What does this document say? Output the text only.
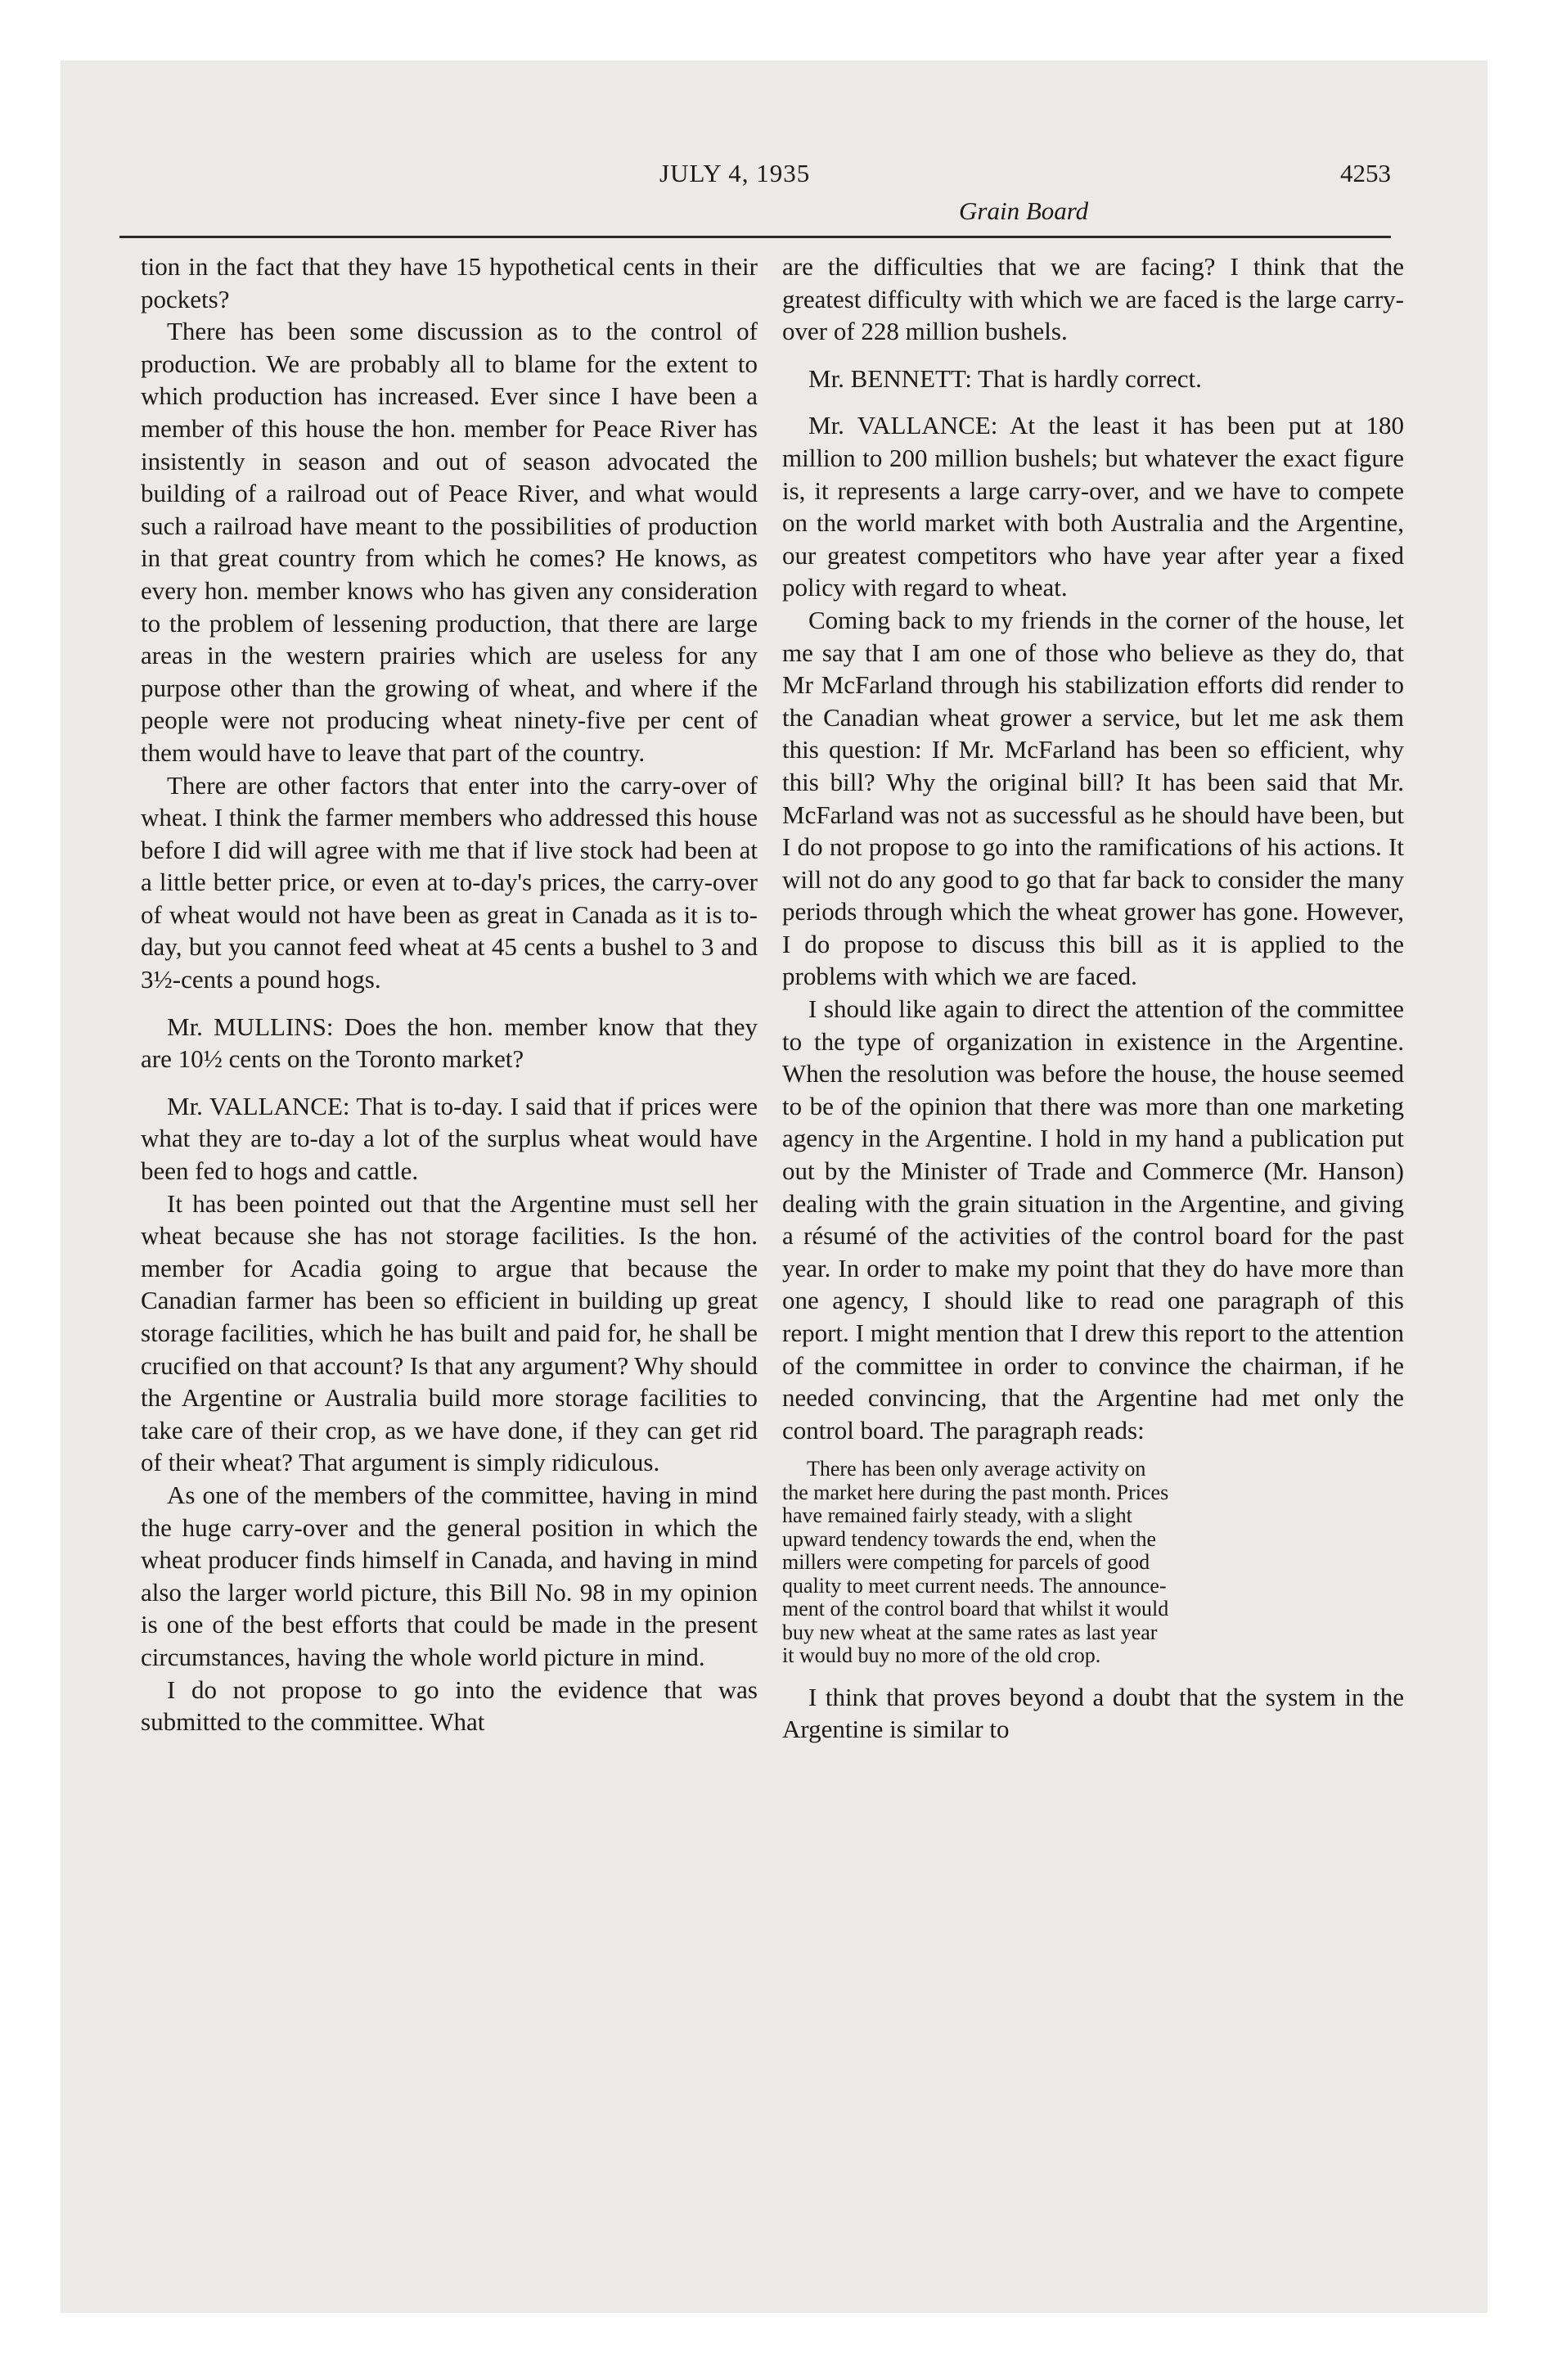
JULY 4, 1935	4253
Grain Board

tion in the fact that they have 15 hypothetical cents in their pockets?

There has been some discussion as to the control of production. We are probably all to blame for the extent to which production has increased. Ever since I have been a member of this house the hon. member for Peace River has insistently in season and out of season advocated the building of a railroad out of Peace River, and what would such a railroad have meant to the possibilities of production in that great country from which he comes? He knows, as every hon. member knows who has given any consideration to the problem of lessening production, that there are large areas in the western prairies which are useless for any purpose other than the growing of wheat, and where if the people were not producing wheat ninety-five per cent of them would have to leave that part of the country.

There are other factors that enter into the carry-over of wheat. I think the farmer members who addressed this house before I did will agree with me that if live stock had been at a little better price, or even at to-day's prices, the carry-over of wheat would not have been as great in Canada as it is to-day, but you cannot feed wheat at 45 cents a bushel to 3 and 3½-cents a pound hogs.

Mr. MULLINS: Does the hon. member know that they are 10½ cents on the Toronto market?

Mr. VALLANCE: That is to-day. I said that if prices were what they are to-day a lot of the surplus wheat would have been fed to hogs and cattle.

It has been pointed out that the Argentine must sell her wheat because she has not storage facilities. Is the hon. member for Acadia going to argue that because the Canadian farmer has been so efficient in building up great storage facilities, which he has built and paid for, he shall be crucified on that account? Is that any argument? Why should the Argentine or Australia build more storage facilities to take care of their crop, as we have done, if they can get rid of their wheat? That argument is simply ridiculous.

As one of the members of the committee, having in mind the huge carry-over and the general position in which the wheat producer finds himself in Canada, and having in mind also the larger world picture, this Bill No. 98 in my opinion is one of the best efforts that could be made in the present circumstances, having the whole world picture in mind.

I do not propose to go into the evidence that was submitted to the committee. What

are the difficulties that we are facing? I think that the greatest difficulty with which we are faced is the large carry-over of 228 million bushels.

Mr. BENNETT: That is hardly correct.

Mr. VALLANCE: At the least it has been put at 180 million to 200 million bushels; but whatever the exact figure is, it represents a large carry-over, and we have to compete on the world market with both Australia and the Argentine, our greatest competitors who have year after year a fixed policy with regard to wheat.

Coming back to my friends in the corner of the house, let me say that I am one of those who believe as they do, that Mr McFarland through his stabilization efforts did render to the Canadian wheat grower a service, but let me ask them this question: If Mr. McFarland has been so efficient, why this bill? Why the original bill? It has been said that Mr. McFarland was not as successful as he should have been, but I do not propose to go into the ramifications of his actions. It will not do any good to go that far back to consider the many periods through which the wheat grower has gone. However, I do propose to discuss this bill as it is applied to the problems with which we are faced.

I should like again to direct the attention of the committee to the type of organization in existence in the Argentine. When the resolution was before the house, the house seemed to be of the opinion that there was more than one marketing agency in the Argentine. I hold in my hand a publication put out by the Minister of Trade and Commerce (Mr. Hanson) dealing with the grain situation in the Argentine, and giving a résumé of the activities of the control board for the past year. In order to make my point that they do have more than one agency, I should like to read one paragraph of this report. I might mention that I drew this report to the attention of the committee in order to convince the chairman, if he needed convincing, that the Argentine had met only the control board. The paragraph reads:

There has been only average activity on
the market here during the past month. Prices
have remained fairly steady, with a slight
upward tendency towards the end, when the
millers were competing for parcels of good
quality to meet current needs. The announce-
ment of the control board that whilst it would
buy new wheat at the same rates as last year
it would buy no more of the old crop.

I think that proves beyond a doubt that the system in the Argentine is similar to
